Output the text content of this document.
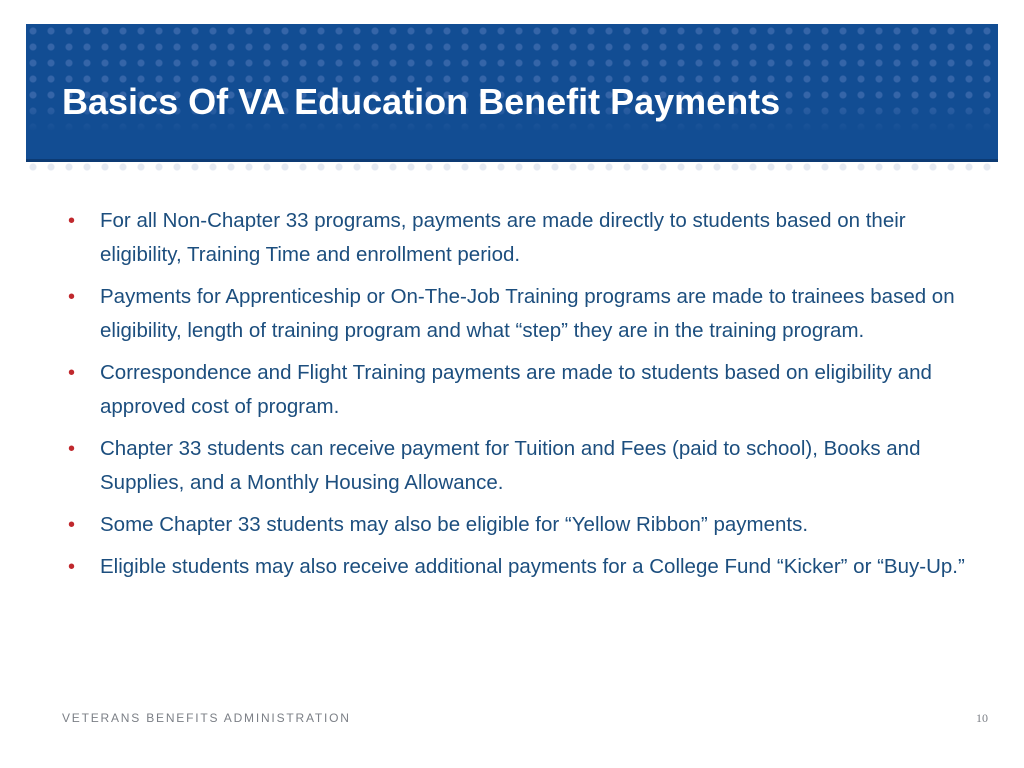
Basics Of VA Education Benefit Payments
• For all Non-Chapter 33 programs, payments are made directly to students based on their eligibility, Training Time and enrollment period.
• Payments for Apprenticeship or On-The-Job Training programs are made to trainees based on eligibility, length of training program and what “step” they are in the training program.
• Correspondence and Flight Training payments are made to students based on eligibility and approved cost of program.
• Chapter 33 students can receive payment for Tuition and Fees (paid to school), Books and Supplies, and a Monthly Housing Allowance.
• Some Chapter 33 students may also be eligible for “Yellow Ribbon” payments.
• Eligible students may also receive additional payments for a College Fund “Kicker” or “Buy-Up.”
VETERANS BENEFITS ADMINISTRATION	10
